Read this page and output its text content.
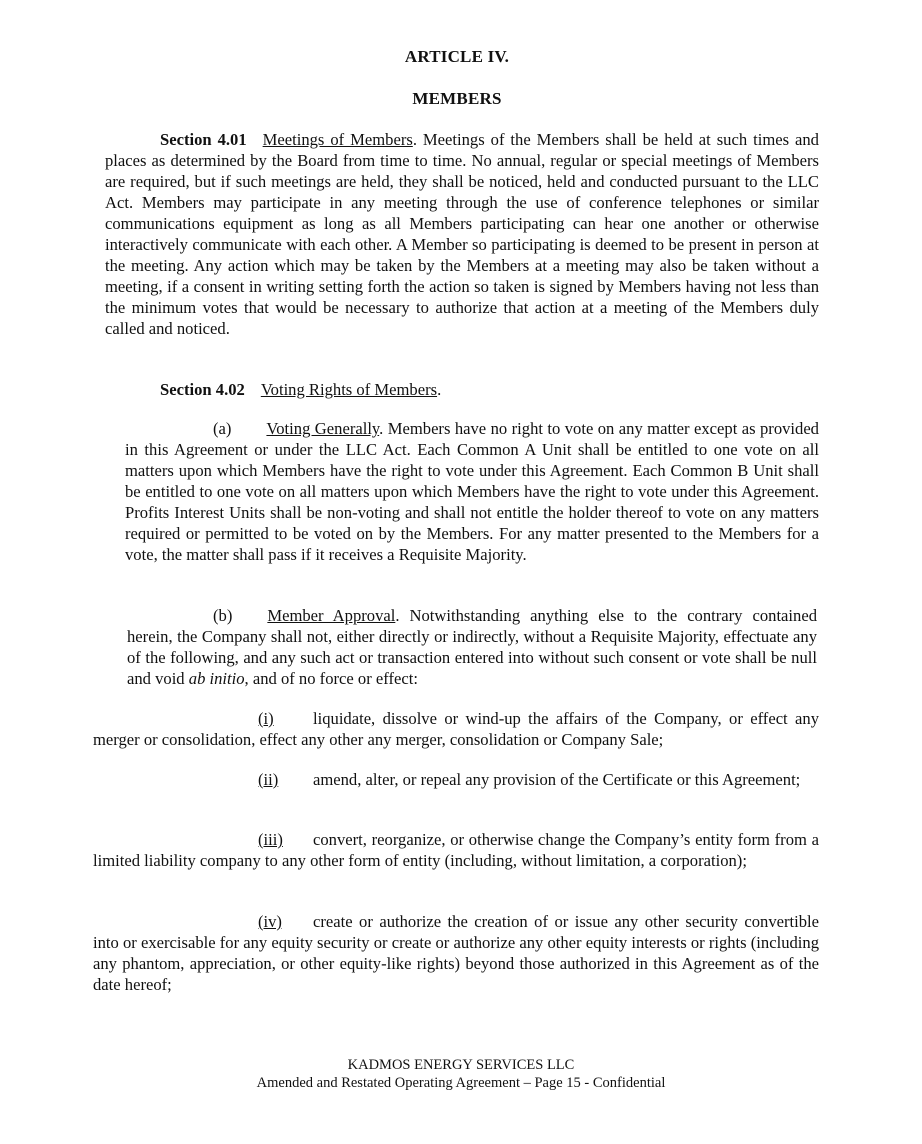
ARTICLE IV.
MEMBERS

Section 4.01 Meetings of Members. Meetings of the Members shall be held at such times and places as determined by the Board from time to time. No annual, regular or special meetings of Members are required, but if such meetings are held, they shall be noticed, held and conducted pursuant to the LLC Act. Members may participate in any meeting through the use of conference telephones or similar communications equipment as long as all Members participating can hear one another or otherwise interactively communicate with each other. A Member so participating is deemed to be present in person at the meeting. Any action which may be taken by the Members at a meeting may also be taken without a meeting, if a consent in writing setting forth the action so taken is signed by Members having not less than the minimum votes that would be necessary to authorize that action at a meeting of the Members duly called and noticed.

Section 4.02 Voting Rights of Members.

(a) Voting Generally. Members have no right to vote on any matter except as provided in this Agreement or under the LLC Act. Each Common A Unit shall be entitled to one vote on all matters upon which Members have the right to vote under this Agreement. Each Common B Unit shall be entitled to one vote on all matters upon which Members have the right to vote under this Agreement. Profits Interest Units shall be non-voting and shall not entitle the holder thereof to vote on any matters required or permitted to be voted on by the Members. For any matter presented to the Members for a vote, the matter shall pass if it receives a Requisite Majority.

(b) Member Approval. Notwithstanding anything else to the contrary contained herein, the Company shall not, either directly or indirectly, without a Requisite Majority, effectuate any of the following, and any such act or transaction entered into without such consent or vote shall be null and void ab initio, and of no force or effect:

(i) liquidate, dissolve or wind-up the affairs of the Company, or effect any merger or consolidation, effect any other any merger, consolidation or Company Sale;

(ii) amend, alter, or repeal any provision of the Certificate or this Agreement;

(iii) convert, reorganize, or otherwise change the Company’s entity form from a limited liability company to any other form of entity (including, without limitation, a corporation);

(iv) create or authorize the creation of or issue any other security convertible into or exercisable for any equity security or create or authorize any other equity interests or rights (including any phantom, appreciation, or other equity-like rights) beyond those authorized in this Agreement as of the date hereof;

KADMOS ENERGY SERVICES LLC
Amended and Restated Operating Agreement – Page 15 - Confidential
